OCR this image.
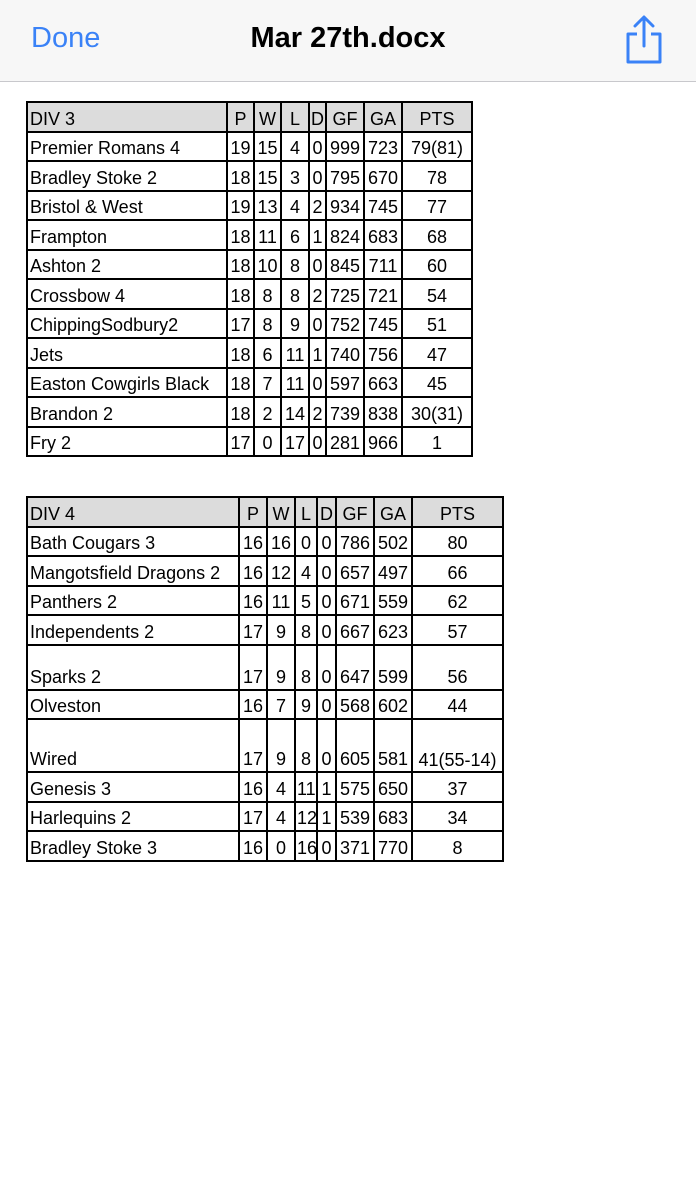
Done	Mar 27th.docx
DIV 3	P	W	L	D	GF	GA	PTS
Premier Romans 4	19	15	4	0	999	723	79(81)
Bradley Stoke 2	18	15	3	0	795	670	78
Bristol & West	19	13	4	2	934	745	77
Frampton	18	11	6	1	824	683	68
Ashton 2	18	10	8	0	845	711	60
Crossbow 4	18	8	8	2	725	721	54
ChippingSodbury2	17	8	9	0	752	745	51
Jets	18	6	11	1	740	756	47
Easton Cowgirls Black	18	7	11	0	597	663	45
Brandon 2	18	2	14	2	739	838	30(31)
Fry 2	17	0	17	0	281	966	1
DIV 4	P	W	L	D	GF	GA	PTS
Bath Cougars 3	16	16	0	0	786	502	80
Mangotsfield Dragons 2	16	12	4	0	657	497	66
Panthers 2	16	11	5	0	671	559	62
Independents 2	17	9	8	0	667	623	57
Sparks 2	17	9	8	0	647	599	56
Olveston	16	7	9	0	568	602	44
Wired	17	9	8	0	605	581	41(55-14)
Genesis 3	16	4	11	1	575	650	37
Harlequins 2	17	4	12	1	539	683	34
Bradley Stoke 3	16	0	16	0	371	770	8
